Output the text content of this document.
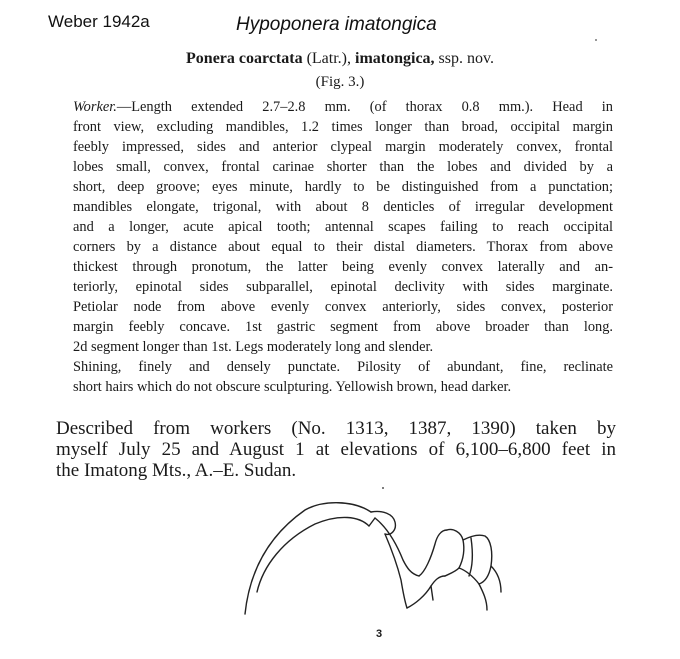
Weber 1942a	Hypoponera imatongica
Ponera coarctata (Latr.), imatongica, ssp. nov.
(Fig. 3.)
Worker.—Length extended 2.7–2.8 mm. (of thorax 0.8 mm.). Head in
front view, excluding mandibles, 1.2 times longer than broad, occipital margin
feebly impressed, sides and anterior clypeal margin moderately convex, frontal
lobes small, convex, frontal carinae shorter than the lobes and divided by a
short, deep groove; eyes minute, hardly to be distinguished from a punctation;
mandibles elongate, trigonal, with about 8 denticles of irregular development
and a longer, acute apical tooth; antennal scapes failing to reach occipital
corners by a distance about equal to their distal diameters. Thorax from above
thickest through pronotum, the latter being evenly convex laterally and an-
teriorly, epinotal sides subparallel, epinotal declivity with sides marginate.
Petiolar node from above evenly convex anteriorly, sides convex, posterior
margin feebly concave. 1st gastric segment from above broader than long.
2d segment longer than 1st. Legs moderately long and slender.
Shining, finely and densely punctate. Pilosity of abundant, fine, reclinate
short hairs which do not obscure sculpturing. Yellowish brown, head darker.
Described from workers (No. 1313, 1387, 1390) taken by
myself July 25 and August 1 at elevations of 6,100–6,800 feet in
the Imatong Mts., A.–E. Sudan.
3
